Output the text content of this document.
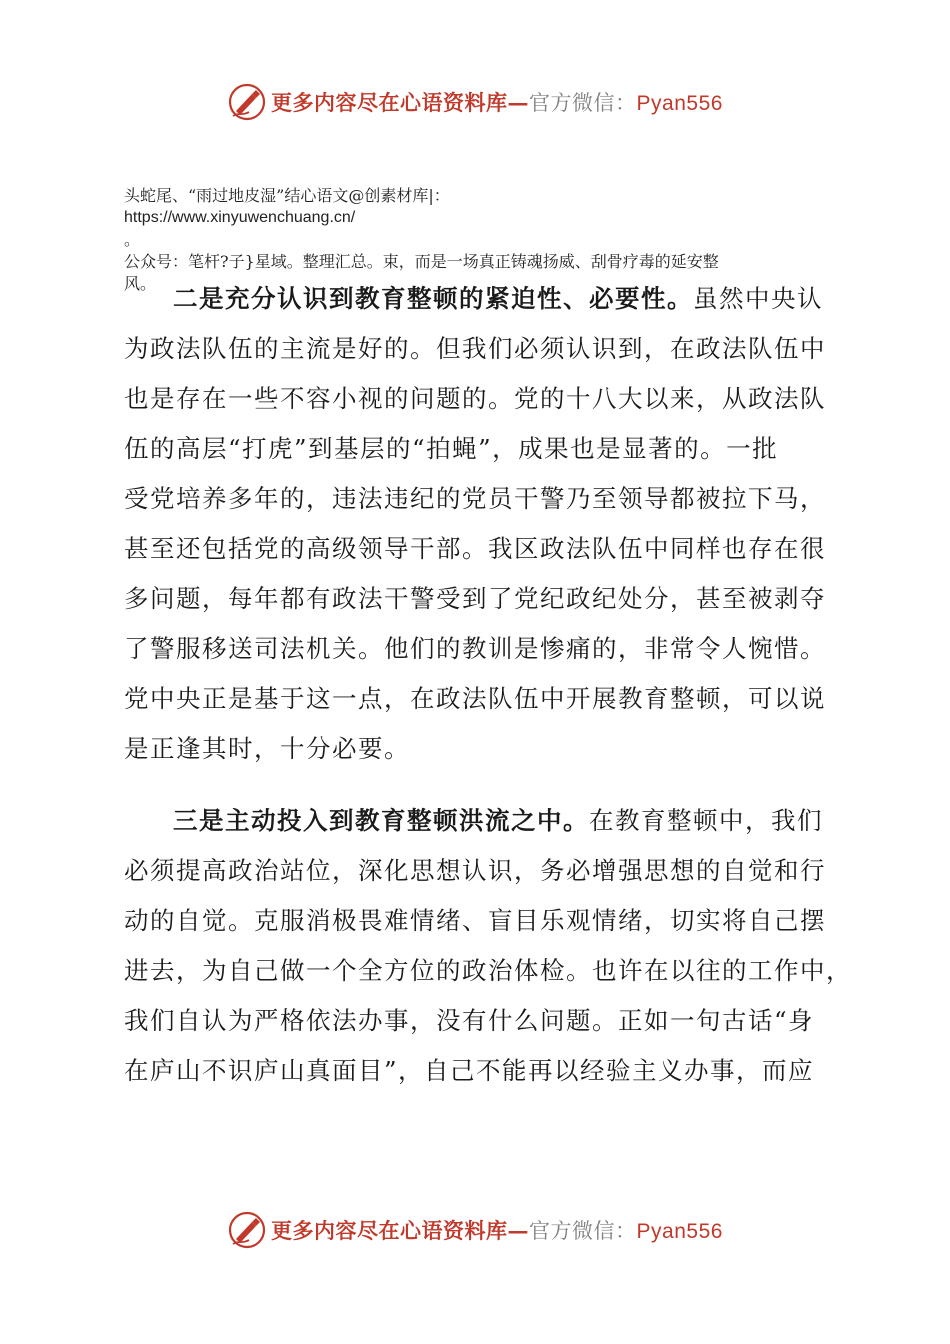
更多内容尽在心语资料库—官方微信：Pyan556
头蛇尾、“雨过地皮湿”结心语文@创素材库|：
https://www.xinyuwenchuang.cn/
。
公众号：笔杆?子}星域。整理汇总。束，而是一场真正铸魂扬威、刮骨疗毒的延安整
风。
二是充分认识到教育整顿的紧迫性、必要性。虽然中央认
为政法队伍的主流是好的。但我们必须认识到，在政法队伍中
也是存在一些不容小视的问题的。党的十八大以来，从政法队
伍的高层“打虎”到基层的“拍蝇”，成果也是显著的。一批
受党培养多年的，违法违纪的党员干警乃至领导都被拉下马，
甚至还包括党的高级领导干部。我区政法队伍中同样也存在很
多问题，每年都有政法干警受到了党纪政纪处分，甚至被剥夺
了警服移送司法机关。他们的教训是惨痛的，非常令人惋惜。
党中央正是基于这一点，在政法队伍中开展教育整顿，可以说
是正逢其时，十分必要。
三是主动投入到教育整顿洪流之中。在教育整顿中，我们
必须提高政治站位，深化思想认识，务必增强思想的自觉和行
动的自觉。克服消极畏难情绪、盲目乐观情绪，切实将自己摆
进去，为自己做一个全方位的政治体检。也许在以往的工作中，
我们自认为严格依法办事，没有什么问题。正如一句古话“身
在庐山不识庐山真面目”，自己不能再以经验主义办事，而应
更多内容尽在心语资料库—官方微信：Pyan556
